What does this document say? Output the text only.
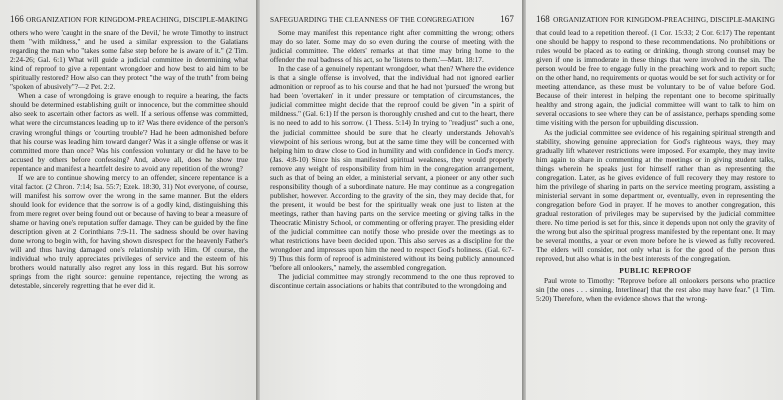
166 ORGANIZATION FOR KINGDOM-PREACHING, DISCIPLE-MAKING

others who were 'caught in the snare of the Devil,' he wrote Timothy to instruct them "with mildness," and he used a similar expression to the Galatians regarding the man who "takes some false step before he is aware of it." (2 Tim. 2:24-26; Gal. 6:1) What will guide a judicial committee in determining what kind of reproof to give a repentant wrongdoer and how best to aid him to be spiritually restored? How also can they protect "the way of the truth" from being "spoken of abusively"?—2 Pet. 2:2.

When a case of wrongdoing is grave enough to require a hearing, the facts should be determined establishing guilt or innocence, but the committee should also seek to ascertain other factors as well. If a serious offense was committed, what were the circumstances leading up to it? Was there evidence of the person's craving wrongful things or 'courting trouble'? Had he been admonished before that his course was leading him toward danger? Was it a single offense or was it committed more than once? Was his confession voluntary or did he have to be accused by others before confessing? And, above all, does he show true repentance and manifest a heartfelt desire to avoid any repetition of the wrong?

If we are to continue showing mercy to an offender, sincere repentance is a vital factor. (2 Chron. 7:14; Isa. 55:7; Ezek. 18:30, 31) Not everyone, of course, will manifest his sorrow over the wrong in the same manner. But the elders should look for evidence that the sorrow is of a godly kind, distinguishing this from mere regret over being found out or because of having to bear a measure of shame or having one's reputation suffer damage. They can be guided by the fine description given at 2 Corinthians 7:9-11. The sadness should be over having done wrong to begin with, for having shown disrespect for the heavenly Father's will and thus having damaged one's relationship with Him. Of course, the individual who truly appreciates privileges of service and the esteem of his brothers would naturally also regret any loss in this regard. But his sorrow springs from the right source: genuine repentance, rejecting the wrong as detestable, sincerely regretting that he ever did it.

SAFEGUARDING THE CLEANNESS OF THE CONGREGATION	167

Some may manifest this repentance right after committing the wrong; others may do so later. Some may do so even during the course of meeting with the judicial committee. The elders' remarks at that time may bring home to the offender the real badness of his act, so he 'listens to them.'—Matt. 18:17.

In the case of a genuinely repentant wrongdoer, what then? Where the evidence is that a single offense is involved, that the individual had not ignored earlier admonition or reproof as to his course and that he had not 'pursued' the wrong but had been 'overtaken' in it under pressure or temptation of circumstances, the judicial committee might decide that the reproof could be given "in a spirit of mildness." (Gal. 6:1) If the person is thoroughly crushed and cut to the heart, there is no need to add to his sorrow. (1 Thess. 5:14) In trying to "readjust" such a one, the judicial committee should be sure that he clearly understands Jehovah's viewpoint of his serious wrong, but at the same time they will be concerned with helping him to draw close to God in humility and with confidence in God's mercy. (Jas. 4:8-10) Since his sin manifested spiritual weakness, they would properly remove any weight of responsibility from him in the congregation arrangement, such as that of being an elder, a ministerial servant, a pioneer or any other such responsibility though of a subordinate nature. He may continue as a congregation publisher, however. According to the gravity of the sin, they may decide that, for the present, it would be best for the spiritually weak one just to listen at the meetings, rather than having parts on the service meeting or giving talks in the Theocratic Ministry School, or commenting or offering prayer. The presiding elder of the judicial committee can notify those who preside over the meetings as to what restrictions have been decided upon. This also serves as a discipline for the wrongdoer and impresses upon him the need to respect God's holiness. (Gal. 6:7-9) Thus this form of reproof is administered without its being publicly announced "before all onlookers," namely, the assembled congregation.

The judicial committee may strongly recommend to the one thus reproved to discontinue certain associations or habits that contributed to the wrongdoing and

168 ORGANIZATION FOR KINGDOM-PREACHING, DISCIPLE-MAKING

that could lead to a repetition thereof. (1 Cor. 15:33; 2 Cor. 6:17) The repentant one should be happy to respond to these recommendations. No prohibitions or rules would be placed as to eating or drinking, though strong counsel may be given if one is immoderate in these things that were involved in the sin. The person would be free to engage fully in the preaching work and to report such; on the other hand, no requirements or quotas would be set for such activity or for meeting attendance, as these must be voluntary to be of value before God. Because of their interest in helping the repentant one to become spiritually healthy and strong again, the judicial committee will want to talk to him on several occasions to see where they can be of assistance, perhaps spending some time visiting with the person for upbuilding discussion.

As the judicial committee see evidence of his regaining spiritual strength and stability, showing genuine appreciation for God's righteous ways, they may gradually lift whatever restrictions were imposed. For example, they may invite him again to share in commenting at the meetings or in giving student talks, things wherein he speaks just for himself rather than as representing the congregation. Later, as he gives evidence of full recovery they may restore to him the privilege of sharing in parts on the service meeting program, assisting a ministerial servant in some department or, eventually, even in representing the congregation before God in prayer. If he moves to another congregation, this gradual restoration of privileges may be supervised by the judicial committee there. No time period is set for this, since it depends upon not only the gravity of the wrong but also the spiritual progress manifested by the repentant one. It may be several months, a year or even more before he is viewed as fully recovered. The elders will consider, not only what is for the good of the person thus reproved, but also what is in the best interests of the congregation.

PUBLIC REPROOF

Paul wrote to Timothy: "Reprove before all onlookers persons who practice sin [the ones . . . sinning, Interlinear] that the rest also may have fear." (1 Tim. 5:20) Therefore, when the evidence shows that the wrong-
